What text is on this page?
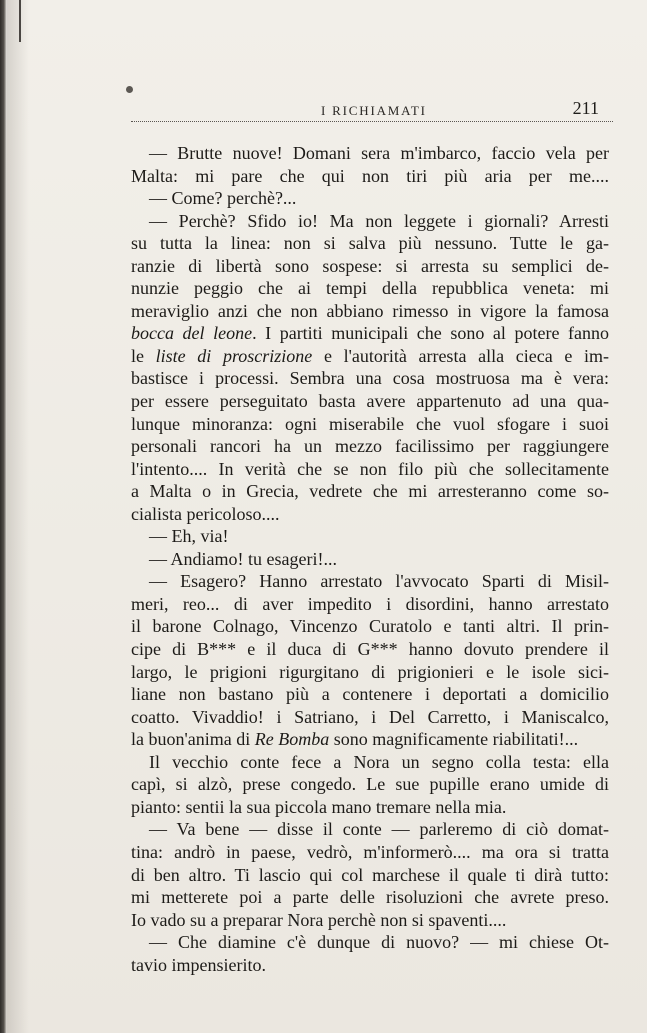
I RICHIAMATI	211
— Brutte nuove! Domani sera m'imbarco, faccio vela per
Malta: mi pare che qui non tiri più aria per me....
— Come? perchè?...
— Perchè? Sfido io! Ma non leggete i giornali? Arresti
su tutta la linea: non si salva più nessuno. Tutte le ga-
ranzie di libertà sono sospese: si arresta su semplici de-
nunzie peggio che ai tempi della repubblica veneta: mi
meraviglio anzi che non abbiano rimesso in vigore la famosa
bocca del leone. I partiti municipali che sono al potere fanno
le liste di proscrizione e l'autorità arresta alla cieca e im-
bastisce i processi. Sembra una cosa mostruosa ma è vera:
per essere perseguitato basta avere appartenuto ad una qua-
lunque minoranza: ogni miserabile che vuol sfogare i suoi
personali rancori ha un mezzo facilissimo per raggiungere
l'intento.... In verità che se non filo più che sollecitamente
a Malta o in Grecia, vedrete che mi arresteranno come so-
cialista pericoloso....
— Eh, via!
— Andiamo! tu esageri!...
— Esagero? Hanno arrestato l'avvocato Sparti di Misil-
meri, reo... di aver impedito i disordini, hanno arrestato
il barone Colnago, Vincenzo Curatolo e tanti altri. Il prin-
cipe di B*** e il duca di G*** hanno dovuto prendere il
largo, le prigioni rigurgitano di prigionieri e le isole sici-
liane non bastano più a contenere i deportati a domicilio
coatto. Vivaddio! i Satriano, i Del Carretto, i Maniscalco,
la buon'anima di Re Bomba sono magnificamente riabilitati!...
Il vecchio conte fece a Nora un segno colla testa: ella
capì, si alzò, prese congedo. Le sue pupille erano umide di
pianto: sentii la sua piccola mano tremare nella mia.
— Va bene — disse il conte — parleremo di ciò domat-
tina: andrò in paese, vedrò, m'informerò.... ma ora si tratta
di ben altro. Ti lascio qui col marchese il quale ti dirà tutto:
mi metterete poi a parte delle risoluzioni che avrete preso.
Io vado su a preparar Nora perchè non si spaventi....
— Che diamine c'è dunque di nuovo? — mi chiese Ot-
tavio impensierito.
